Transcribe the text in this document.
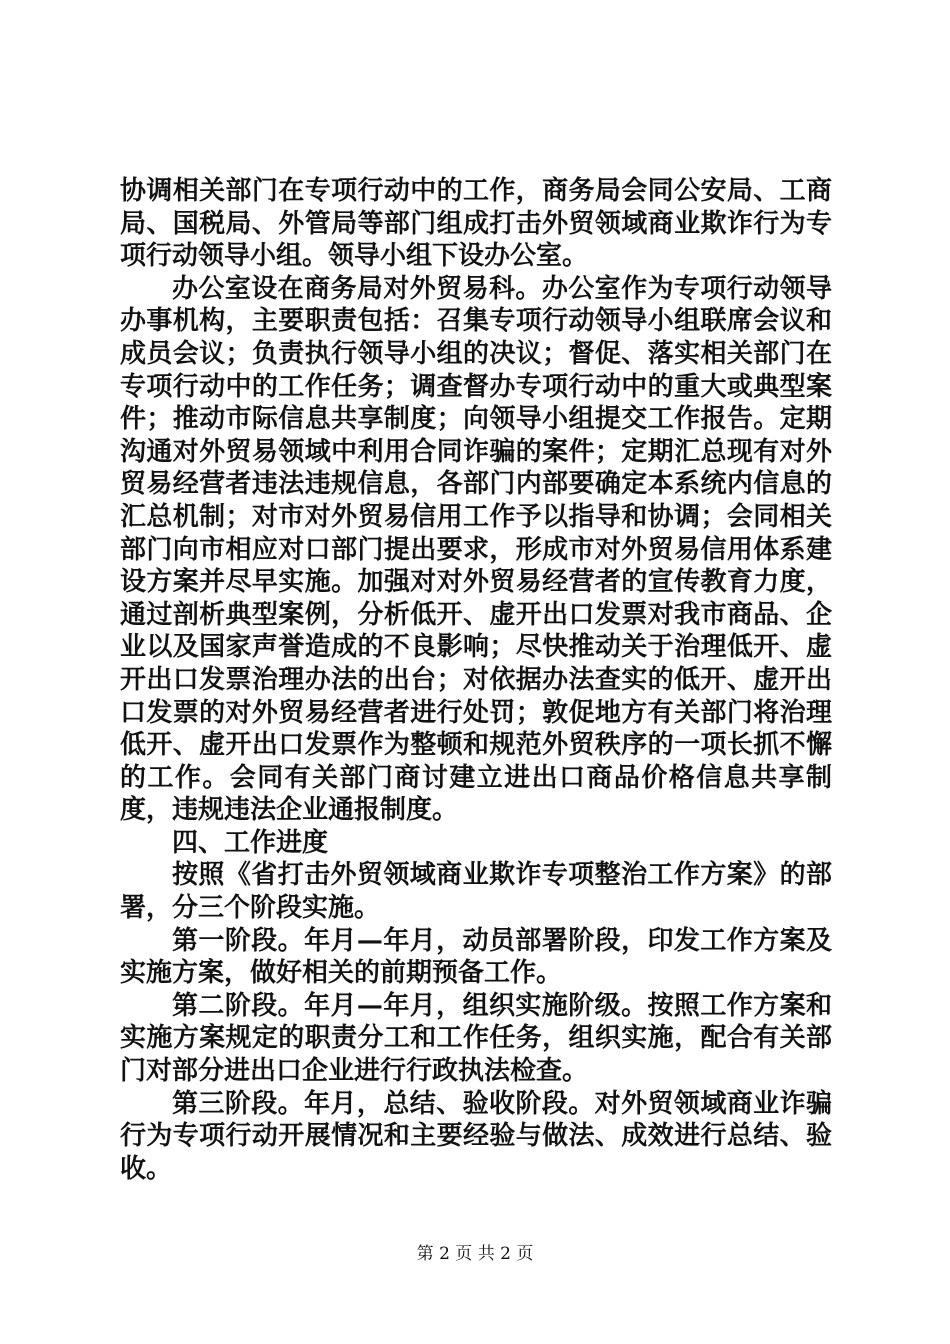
协调相关部门在专项行动中的工作，商务局会同公安局、工商局、国税局、外管局等部门组成打击外贸领域商业欺诈行为专项行动领导小组。领导小组下设办公室。

办公室设在商务局对外贸易科。办公室作为专项行动领导办事机构，主要职责包括：召集专项行动领导小组联席会议和成员会议；负责执行领导小组的决议；督促、落实相关部门在专项行动中的工作任务；调查督办专项行动中的重大或典型案件；推动市际信息共享制度；向领导小组提交工作报告。定期沟通对外贸易领域中利用合同诈骗的案件；定期汇总现有对外贸易经营者违法违规信息，各部门内部要确定本系统内信息的汇总机制；对市对外贸易信用工作予以指导和协调；会同相关部门向市相应对口部门提出要求，形成市对外贸易信用体系建设方案并尽早实施。加强对对外贸易经营者的宣传教育力度，通过剖析典型案例，分析低开、虚开出口发票对我市商品、企业以及国家声誉造成的不良影响；尽快推动关于治理低开、虚开出口发票治理办法的出台；对依据办法查实的低开、虚开出口发票的对外贸易经营者进行处罚；敦促地方有关部门将治理低开、虚开出口发票作为整顿和规范外贸秩序的一项长抓不懈的工作。会同有关部门商讨建立进出口商品价格信息共享制度，违规违法企业通报制度。

四、工作进度

按照《省打击外贸领域商业欺诈专项整治工作方案》的部署，分三个阶段实施。

第一阶段。年月—年月，动员部署阶段，印发工作方案及实施方案，做好相关的前期预备工作。

第二阶段。年月—年月，组织实施阶级。按照工作方案和实施方案规定的职责分工和工作任务，组织实施，配合有关部门对部分进出口企业进行行政执法检查。

第三阶段。年月，总结、验收阶段。对外贸领域商业诈骗行为专项行动开展情况和主要经验与做法、成效进行总结、验收。

第 2 页 共 2 页
